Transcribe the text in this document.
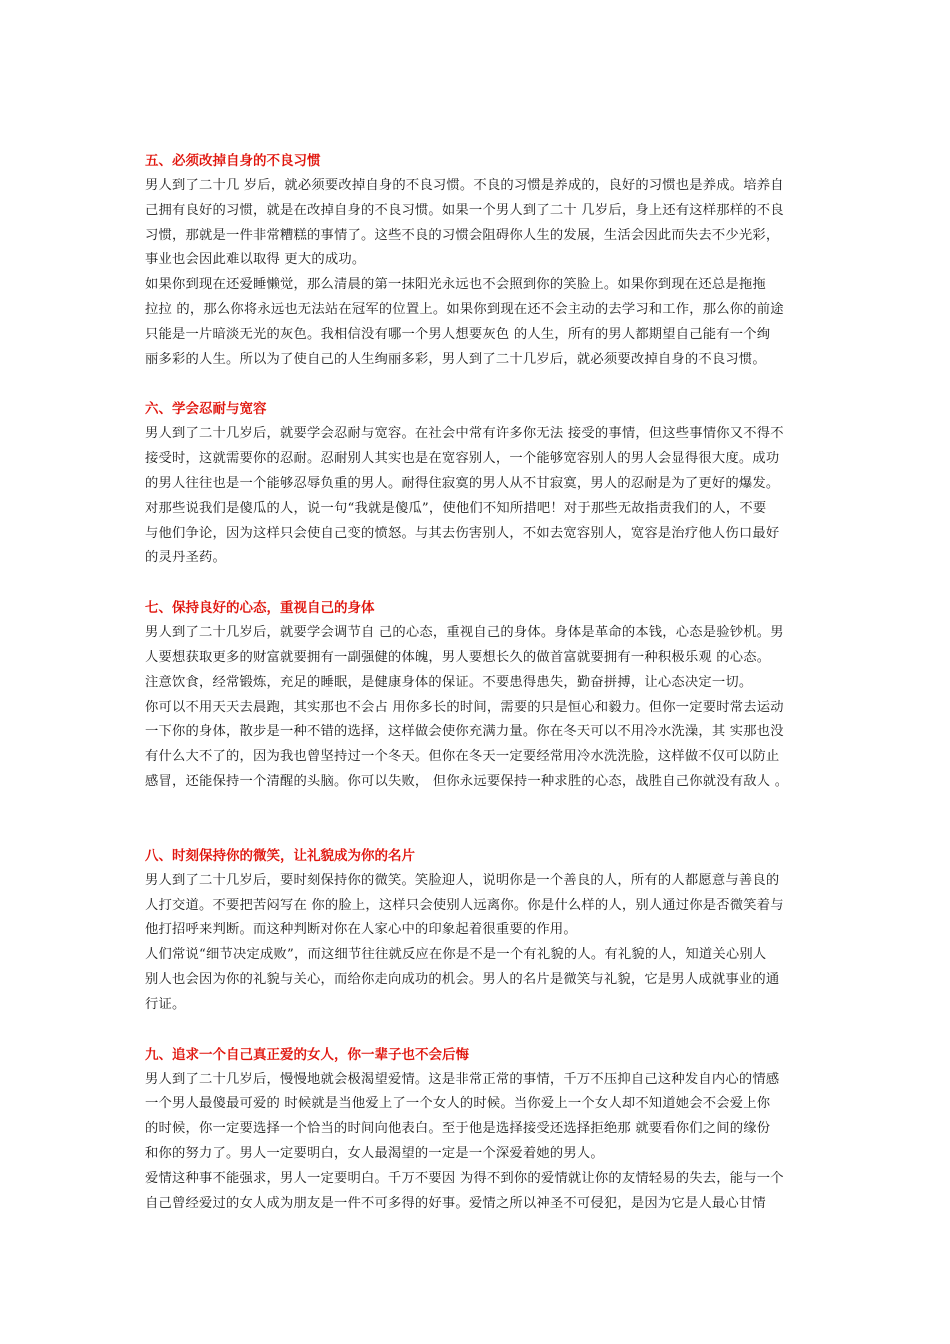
五、必须改掉自身的不良习惯
男人到了二十几 岁后，就必须要改掉自身的不良习惯。不良的习惯是养成的，良好的习惯也是养成。培养自
己拥有良好的习惯，就是在改掉自身的不良习惯。如果一个男人到了二十 几岁后，身上还有这样那样的不良
习惯，那就是一件非常糟糕的事情了。这些不良的习惯会阻碍你人生的发展，生活会因此而失去不少光彩，
事业也会因此难以取得 更大的成功。
如果你到现在还爱睡懒觉，那么清晨的第一抹阳光永远也不会照到你的笑脸上。如果你到现在还总是拖拖
拉拉 的，那么你将永远也无法站在冠军的位置上。如果你到现在还不会主动的去学习和工作，那么你的前途
只能是一片暗淡无光的灰色。我相信没有哪一个男人想要灰色 的人生，所有的男人都期望自己能有一个绚
丽多彩的人生。所以为了使自己的人生绚丽多彩，男人到了二十几岁后，就必须要改掉自身的不良习惯。
六、学会忍耐与宽容
男人到了二十几岁后，就要学会忍耐与宽容。在社会中常有许多你无法 接受的事情，但这些事情你又不得不
接受时，这就需要你的忍耐。忍耐别人其实也是在宽容别人，一个能够宽容别人的男人会显得很大度。成功
的男人往往也是一个能够忍辱负重的男人。耐得住寂寞的男人从不甘寂寞，男人的忍耐是为了更好的爆发。
对那些说我们是傻瓜的人，说一句“我就是傻瓜”，使他们不知所措吧！对于那些无故指责我们的人，不要
与他们争论，因为这样只会使自己变的愤怒。与其去伤害别人，不如去宽容别人，宽容是治疗他人伤口最好
的灵丹圣药。
七、保持良好的心态，重视自己的身体
男人到了二十几岁后，就要学会调节自 己的心态，重视自己的身体。身体是革命的本钱，心态是验钞机。男
人要想获取更多的财富就要拥有一副强健的体魄，男人要想长久的做首富就要拥有一种积极乐观 的心态。
注意饮食，经常锻炼，充足的睡眠，是健康身体的保证。不要患得患失，勤奋拼搏，让心态决定一切。
你可以不用天天去晨跑，其实那也不会占 用你多长的时间，需要的只是恒心和毅力。但你一定要时常去运动
一下你的身体，散步是一种不错的选择，这样做会使你充满力量。你在冬天可以不用冷水洗澡，其 实那也没
有什么大不了的，因为我也曾坚持过一个冬天。但你在冬天一定要经常用冷水洗洗脸，这样做不仅可以防止
感冒，还能保持一个清醒的头脑。你可以失败， 但你永远要保持一种求胜的心态，战胜自己你就没有敌人 。
八、时刻保持你的微笑，让礼貌成为你的名片
男人到了二十几岁后，要时刻保持你的微笑。笑脸迎人，说明你是一个善良的人，所有的人都愿意与善良的
人打交道。不要把苦闷写在 你的脸上，这样只会使别人远离你。你是什么样的人，别人通过你是否微笑着与
他打招呼来判断。而这种判断对你在人家心中的印象起着很重要的作用。
人们常说“细节决定成败”，而这细节往往就反应在你是不是一个有礼貌的人。有礼貌的人，知道关心别人
别人也会因为你的礼貌与关心，而给你走向成功的机会。男人的名片是微笑与礼貌，它是男人成就事业的通
行证。
九、追求一个自己真正爱的女人，你一辈子也不会后悔
男人到了二十几岁后，慢慢地就会极渴望爱情。这是非常正常的事情，千万不压抑自己这种发自内心的情感
一个男人最傻最可爱的 时候就是当他爱上了一个女人的时候。当你爱上一个女人却不知道她会不会爱上你
的时候，你一定要选择一个恰当的时间向他表白。至于他是选择接受还选择拒绝那 就要看你们之间的缘份
和你的努力了。男人一定要明白，女人最渴望的一定是一个深爱着她的男人。
爱情这种事不能强求，男人一定要明白。千万不要因 为得不到你的爱情就让你的友情轻易的失去，能与一个
自己曾经爱过的女人成为朋友是一件不可多得的好事。爱情之所以神圣不可侵犯，是因为它是人最心甘情
